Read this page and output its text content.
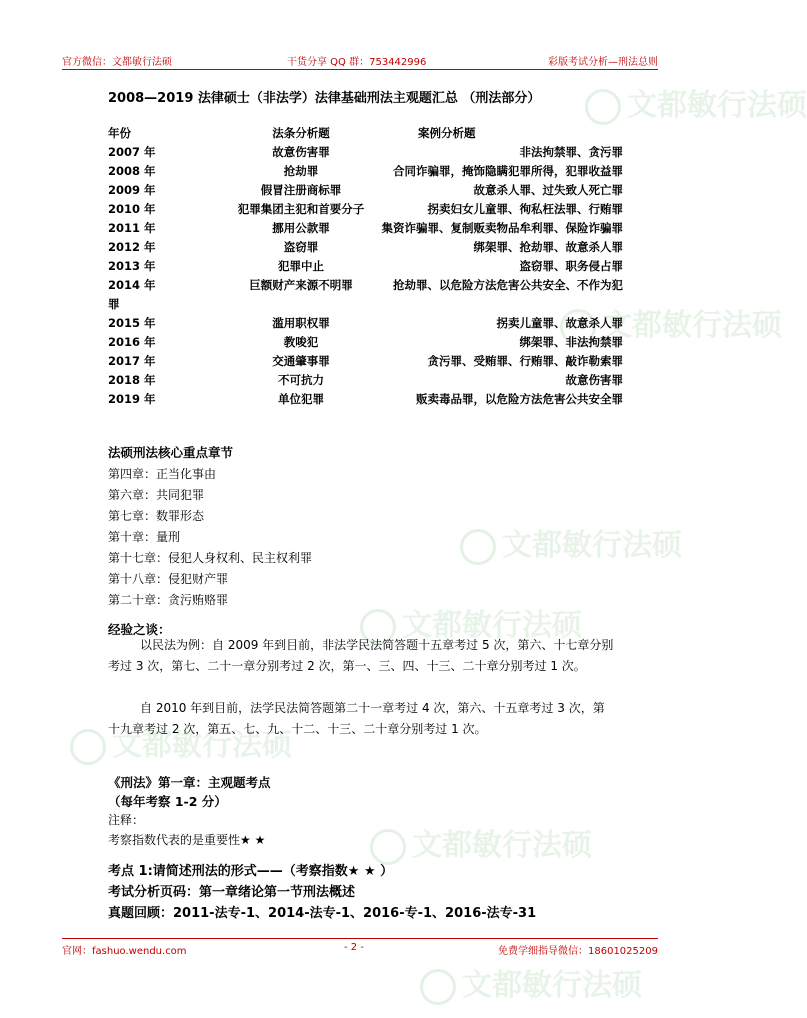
文都敏行法硕
文都敏行法硕
文都敏行法硕
文都敏行法硕
文都敏行法硕
文都敏行法硕
文都敏行法硕
官方微信：文都敏行法硕	干货分享 QQ 群：753442996	彩版考试分析—刑法总则
2008—2019 法律硕士（非法学）法律基础刑法主观题汇总 （刑法部分）
年份	法条分析题	案例分析题
2007 年	故意伤害罪	非法拘禁罪、贪污罪
2008 年	抢劫罪	合同诈骗罪，掩饰隐瞒犯罪所得，犯罪收益罪
2009 年	假冒注册商标罪	故意杀人罪、过失致人死亡罪
2010 年	犯罪集团主犯和首要分子	拐卖妇女儿童罪、徇私枉法罪、行贿罪
2011 年	挪用公款罪	集资诈骗罪、复制贩卖物品牟利罪、保险诈骗罪
2012 年	盗窃罪	绑架罪、抢劫罪、故意杀人罪
2013 年	犯罪中止	盗窃罪、职务侵占罪
2014 年	巨额财产来源不明罪	抢劫罪、以危险方法危害公共安全、不作为犯
罪
2015 年	滥用职权罪	拐卖儿童罪、故意杀人罪
2016 年	教唆犯	绑架罪、非法拘禁罪
2017 年	交通肇事罪	贪污罪、受贿罪、行贿罪、敲诈勒索罪
2018 年	不可抗力	故意伤害罪
2019 年	单位犯罪	贩卖毒品罪，以危险方法危害公共安全罪
法硕刑法核心重点章节
第四章：正当化事由
第六章：共同犯罪
第七章：数罪形态
第十章：量刑
第十七章：侵犯人身权利、民主权利罪
第十八章：侵犯财产罪
第二十章：贪污贿赂罪
经验之谈：
以民法为例：自 2009 年到目前，非法学民法简答题十五章考过 5 次，第六、十七章分别考过 3 次，第七、二十一章分别考过 2 次，第一、三、四、十三、二十章分别考过 1 次。
自 2010 年到目前，法学民法简答题第二十一章考过 4 次，第六、十五章考过 3 次，第十九章考过 2 次，第五、七、九、十二、十三、二十章分别考过 1 次。
《刑法》第一章：主观题考点
（每年考察 1-2 分）
注释：
考察指数代表的是重要性★ ★
考点 1:请简述刑法的形式——（考察指数★ ★ ）
考试分析页码：第一章绪论第一节刑法概述
真题回顾：2011-法专-1、2014-法专-1、2016-专-1、2016-法专-31
官网：fashuo.wendu.com	- 2 -	免费学细指导微信：18601025209
